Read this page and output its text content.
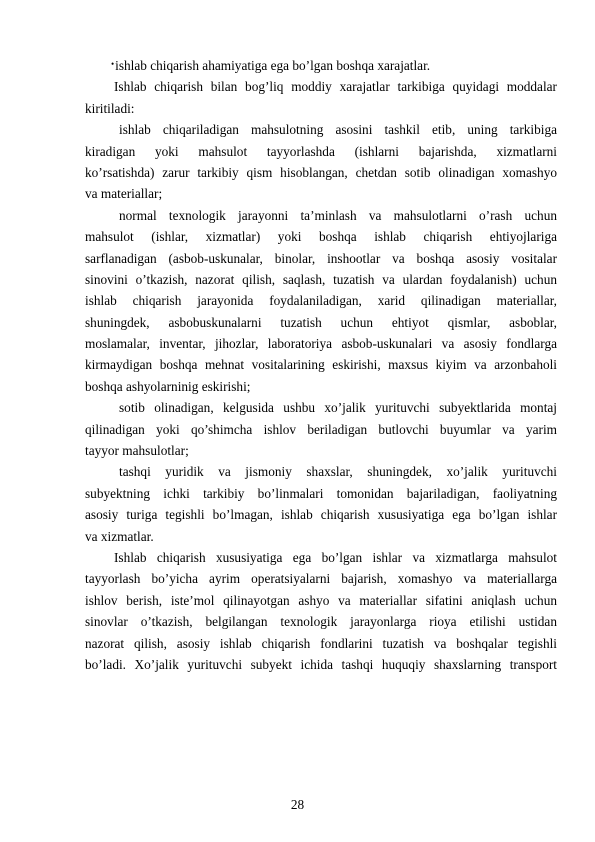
• ishlab chiqarish ahamiyatiga ega bo’lgan boshqa xarajatlar.
Ishlab chiqarish bilan bog’liq moddiy xarajatlar tarkibiga quyidagi moddalar
kiritiladi:
ishlab chiqariladigan mahsulotning asosini tashkil etib, uning tarkibiga
kiradigan yoki mahsulot tayyorlashda (ishlarni bajarishda, xizmatlarni
ko’rsatishda) zarur tarkibiy qism hisoblangan, chetdan sotib olinadigan xomashyo
va materiallar;
normal texnologik jarayonni ta’minlash va mahsulotlarni o’rash uchun
mahsulot (ishlar, xizmatlar) yoki boshqa ishlab chiqarish ehtiyojlariga
sarflanadigan (asbob-uskunalar, binolar, inshootlar va boshqa asosiy vositalar
sinovini o’tkazish, nazorat qilish, saqlash, tuzatish va ulardan foydalanish) uchun
ishlab chiqarish jarayonida foydalaniladigan, xarid qilinadigan materiallar,
shuningdek, asbobuskunalarni tuzatish uchun ehtiyot qismlar, asboblar,
moslamalar, inventar, jihozlar, laboratoriya asbob-uskunalari va asosiy fondlarga
kirmaydigan boshqa mehnat vositalarining eskirishi, maxsus kiyim va arzonbaholi
boshqa ashyolarninig eskirishi;
sotib olinadigan, kelgusida ushbu xo’jalik yurituvchi subyektlarida montaj
qilinadigan yoki qo’shimcha ishlov beriladigan butlovchi buyumlar va yarim
tayyor mahsulotlar;
tashqi yuridik va jismoniy shaxslar, shuningdek, xo’jalik yurituvchi
subyektning ichki tarkibiy bo’linmalari tomonidan bajariladigan, faoliyatning
asosiy turiga tegishli bo’lmagan, ishlab chiqarish xususiyatiga ega bo’lgan ishlar
va xizmatlar.
Ishlab chiqarish xususiyatiga ega bo’lgan ishlar va xizmatlarga mahsulot
tayyorlash bo’yicha ayrim operatsiyalarni bajarish, xomashyo va materiallarga
ishlov berish, iste’mol qilinayotgan ashyo va materiallar sifatini aniqlash uchun
sinovlar o’tkazish, belgilangan texnologik jarayonlarga rioya etilishi ustidan
nazorat qilish, asosiy ishlab chiqarish fondlarini tuzatish va boshqalar tegishli
bo’ladi. Xo’jalik yurituvchi subyekt ichida tashqi huquqiy shaxslarning transport
28
